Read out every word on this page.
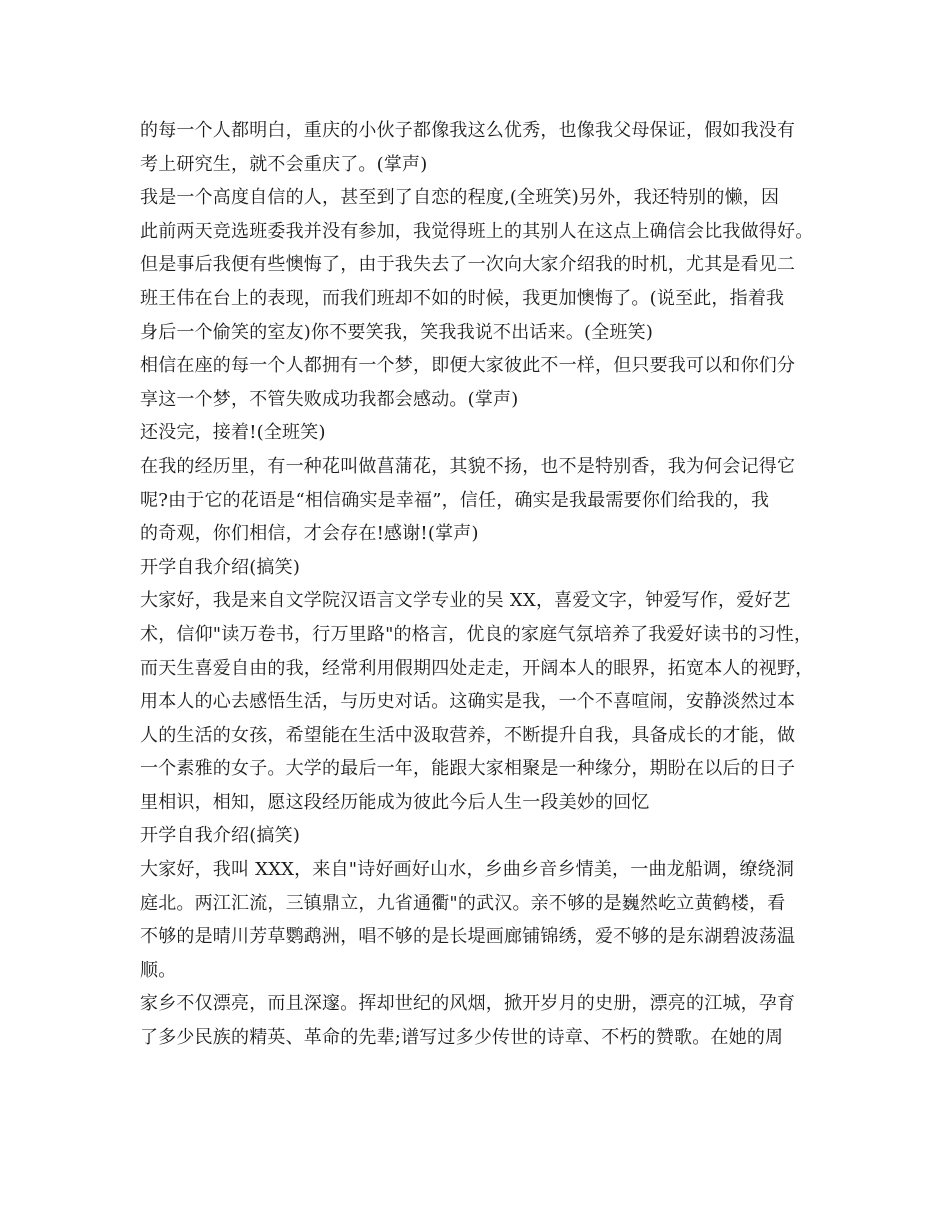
的每一个人都明白，重庆的小伙子都像我这么优秀，也像我父母保证，假如我没有
考上研究生，就不会重庆了。(掌声)
我是一个高度自信的人，甚至到了自恋的程度,(全班笑)另外，我还特别的懒，因
此前两天竞选班委我并没有参加，我觉得班上的其别人在这点上确信会比我做得好。
但是事后我便有些懊悔了，由于我失去了一次向大家介绍我的时机，尤其是看见二
班王伟在台上的表现，而我们班却不如的时候，我更加懊悔了。(说至此，指着我
身后一个偷笑的室友)你不要笑我，笑我我说不出话来。(全班笑)
相信在座的每一个人都拥有一个梦，即便大家彼此不一样，但只要我可以和你们分
享这一个梦，不管失败成功我都会感动。(掌声)
还没完，接着!(全班笑)
在我的经历里，有一种花叫做菖蒲花，其貌不扬，也不是特别香，我为何会记得它
呢?由于它的花语是“相信确实是幸福”，信任，确实是我最需要你们给我的，我
的奇观，你们相信，才会存在!感谢!(掌声)
开学自我介绍(搞笑)
大家好，我是来自文学院汉语言文学专业的吴 XX，喜爱文字，钟爱写作，爱好艺
术，信仰"读万卷书，行万里路"的格言，优良的家庭气氛培养了我爱好读书的习性，
而天生喜爱自由的我，经常利用假期四处走走，开阔本人的眼界，拓宽本人的视野，
用本人的心去感悟生活，与历史对话。这确实是我，一个不喜喧闹，安静淡然过本
人的生活的女孩，希望能在生活中汲取营养，不断提升自我，具备成长的才能，做
一个素雅的女子。大学的最后一年，能跟大家相聚是一种缘分，期盼在以后的日子
里相识，相知，愿这段经历能成为彼此今后人生一段美妙的回忆
开学自我介绍(搞笑)
大家好，我叫 XXX，来自"诗好画好山水，乡曲乡音乡情美，一曲龙船调，缭绕洞
庭北。两江汇流，三镇鼎立，九省通衢"的武汉。亲不够的是巍然屹立黄鹤楼，看
不够的是晴川芳草鹦鹉洲，唱不够的是长堤画廊铺锦绣，爱不够的是东湖碧波荡温
顺。
家乡不仅漂亮，而且深邃。挥却世纪的风烟，掀开岁月的史册，漂亮的江城，孕育
了多少民族的精英、革命的先辈;谱写过多少传世的诗章、不朽的赞歌。在她的周
